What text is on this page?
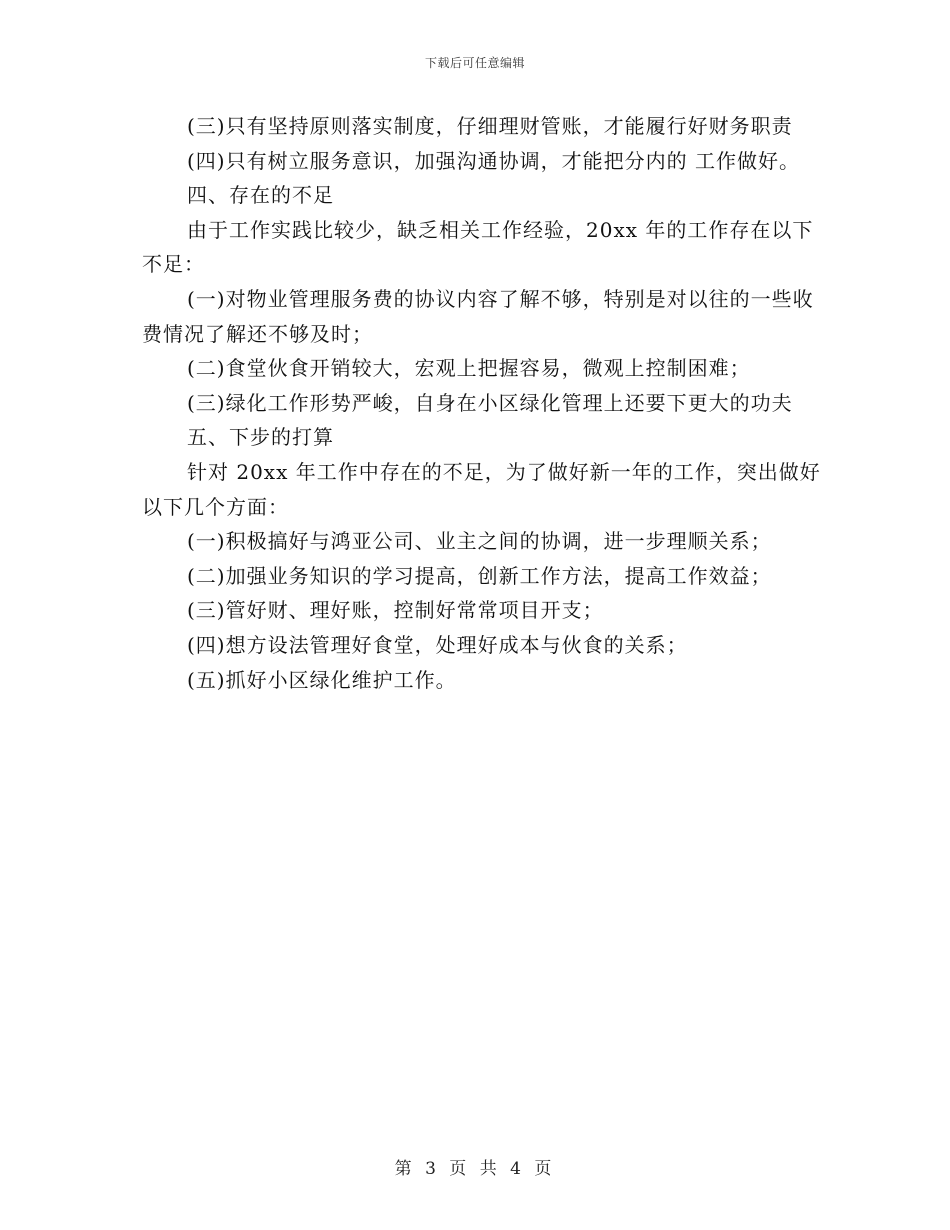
下载后可任意编辑

(三)只有坚持原则落实制度，仔细理财管账，才能履行好财务职责

(四)只有树立服务意识，加强沟通协调，才能把分内的 工作做好。

四、存在的不足

由于工作实践比较少，缺乏相关工作经验，20xx 年的工作存在以下不足：

(一)对物业管理服务费的协议内容了解不够，特别是对以往的一些收费情况了解还不够及时；

(二)食堂伙食开销较大，宏观上把握容易，微观上控制困难；

(三)绿化工作形势严峻，自身在小区绿化管理上还要下更大的功夫

五、下步的打算

针对 20xx 年工作中存在的不足，为了做好新一年的工作，突出做好以下几个方面：

(一)积极搞好与鸿亚公司、业主之间的协调，进一步理顺关系；

(二)加强业务知识的学习提高，创新工作方法，提高工作效益；

(三)管好财、理好账，控制好常常项目开支；

(四)想方设法管理好食堂，处理好成本与伙食的关系；

(五)抓好小区绿化维护工作。

第 3 页 共 4 页
